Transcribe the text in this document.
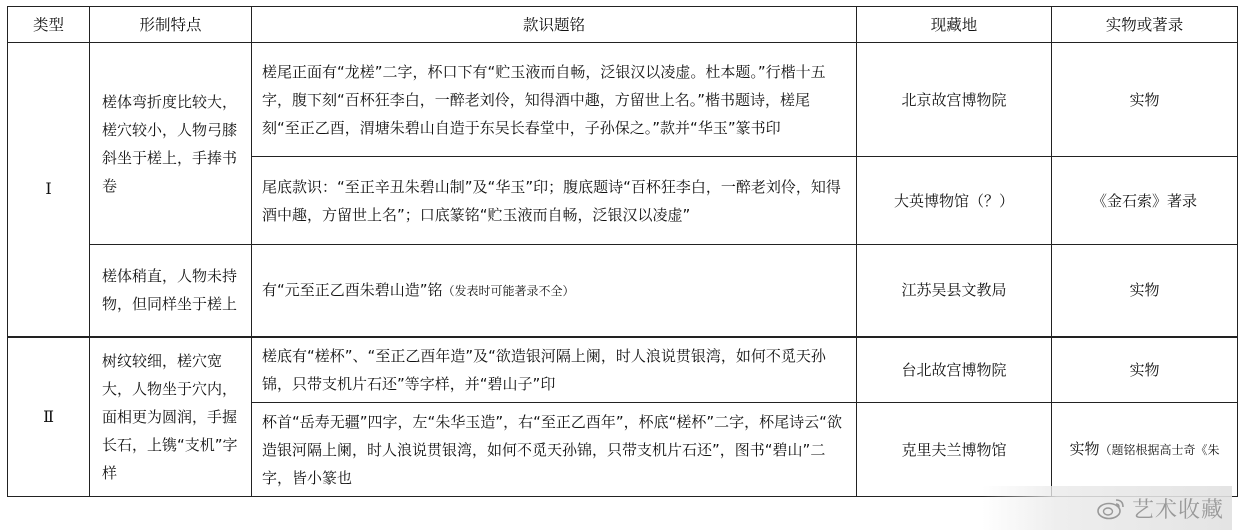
类型	形制特点	款识题铭	现藏地	实物或著录
Ⅰ	槎体弯折度比较大，槎穴较小，人物弓膝斜坐于槎上，手捧书卷	槎尾正面有“龙槎”二字，杯口下有“贮玉液而自畅，泛银汉以凌虚。杜本题。”行楷十五字，腹下刻“百杯狂李白，一醉老刘伶，知得酒中趣，方留世上名。”楷书题诗，槎尾刻“至正乙酉，渭塘朱碧山自造于东吴长春堂中，子孙保之。”款并“华玉”篆书印	北京故宫博物院	实物
		尾底款识：“至正辛丑朱碧山制”及“华玉”印；腹底题诗“百杯狂李白，一醉老刘伶，知得酒中趣，方留世上名”；口底篆铭“贮玉液而自畅，泛银汉以凌虚”	大英博物馆（？）	《金石索》著录
	槎体稍直，人物未持物，但同样坐于槎上	有“元至正乙酉朱碧山造”铭（发表时可能著录不全）	江苏吴县文教局	实物
Ⅱ	树纹较细，槎穴宽大，人物坐于穴内，面相更为圆润，手握长石，上镌“支机”字样	槎底有“槎杯”、“至正乙酉年造”及“欲造银河隔上阑，时人浪说贯银湾，如何不觅天孙锦，只带支机片石还”等字样，并“碧山子”印	台北故宫博物院	实物
		杯首“岳寿无疆”四字，左“朱华玉造”，右“至正乙酉年”，杯底“槎杯”二字，杯尾诗云“欲造银河隔上阑，时人浪说贯银湾，如何不觅天孙锦，只带支机片石还”，图书“碧山”二字，皆小篆也	克里夫兰博物馆	实物（题铭根据高士奇《朱
艺术收藏
